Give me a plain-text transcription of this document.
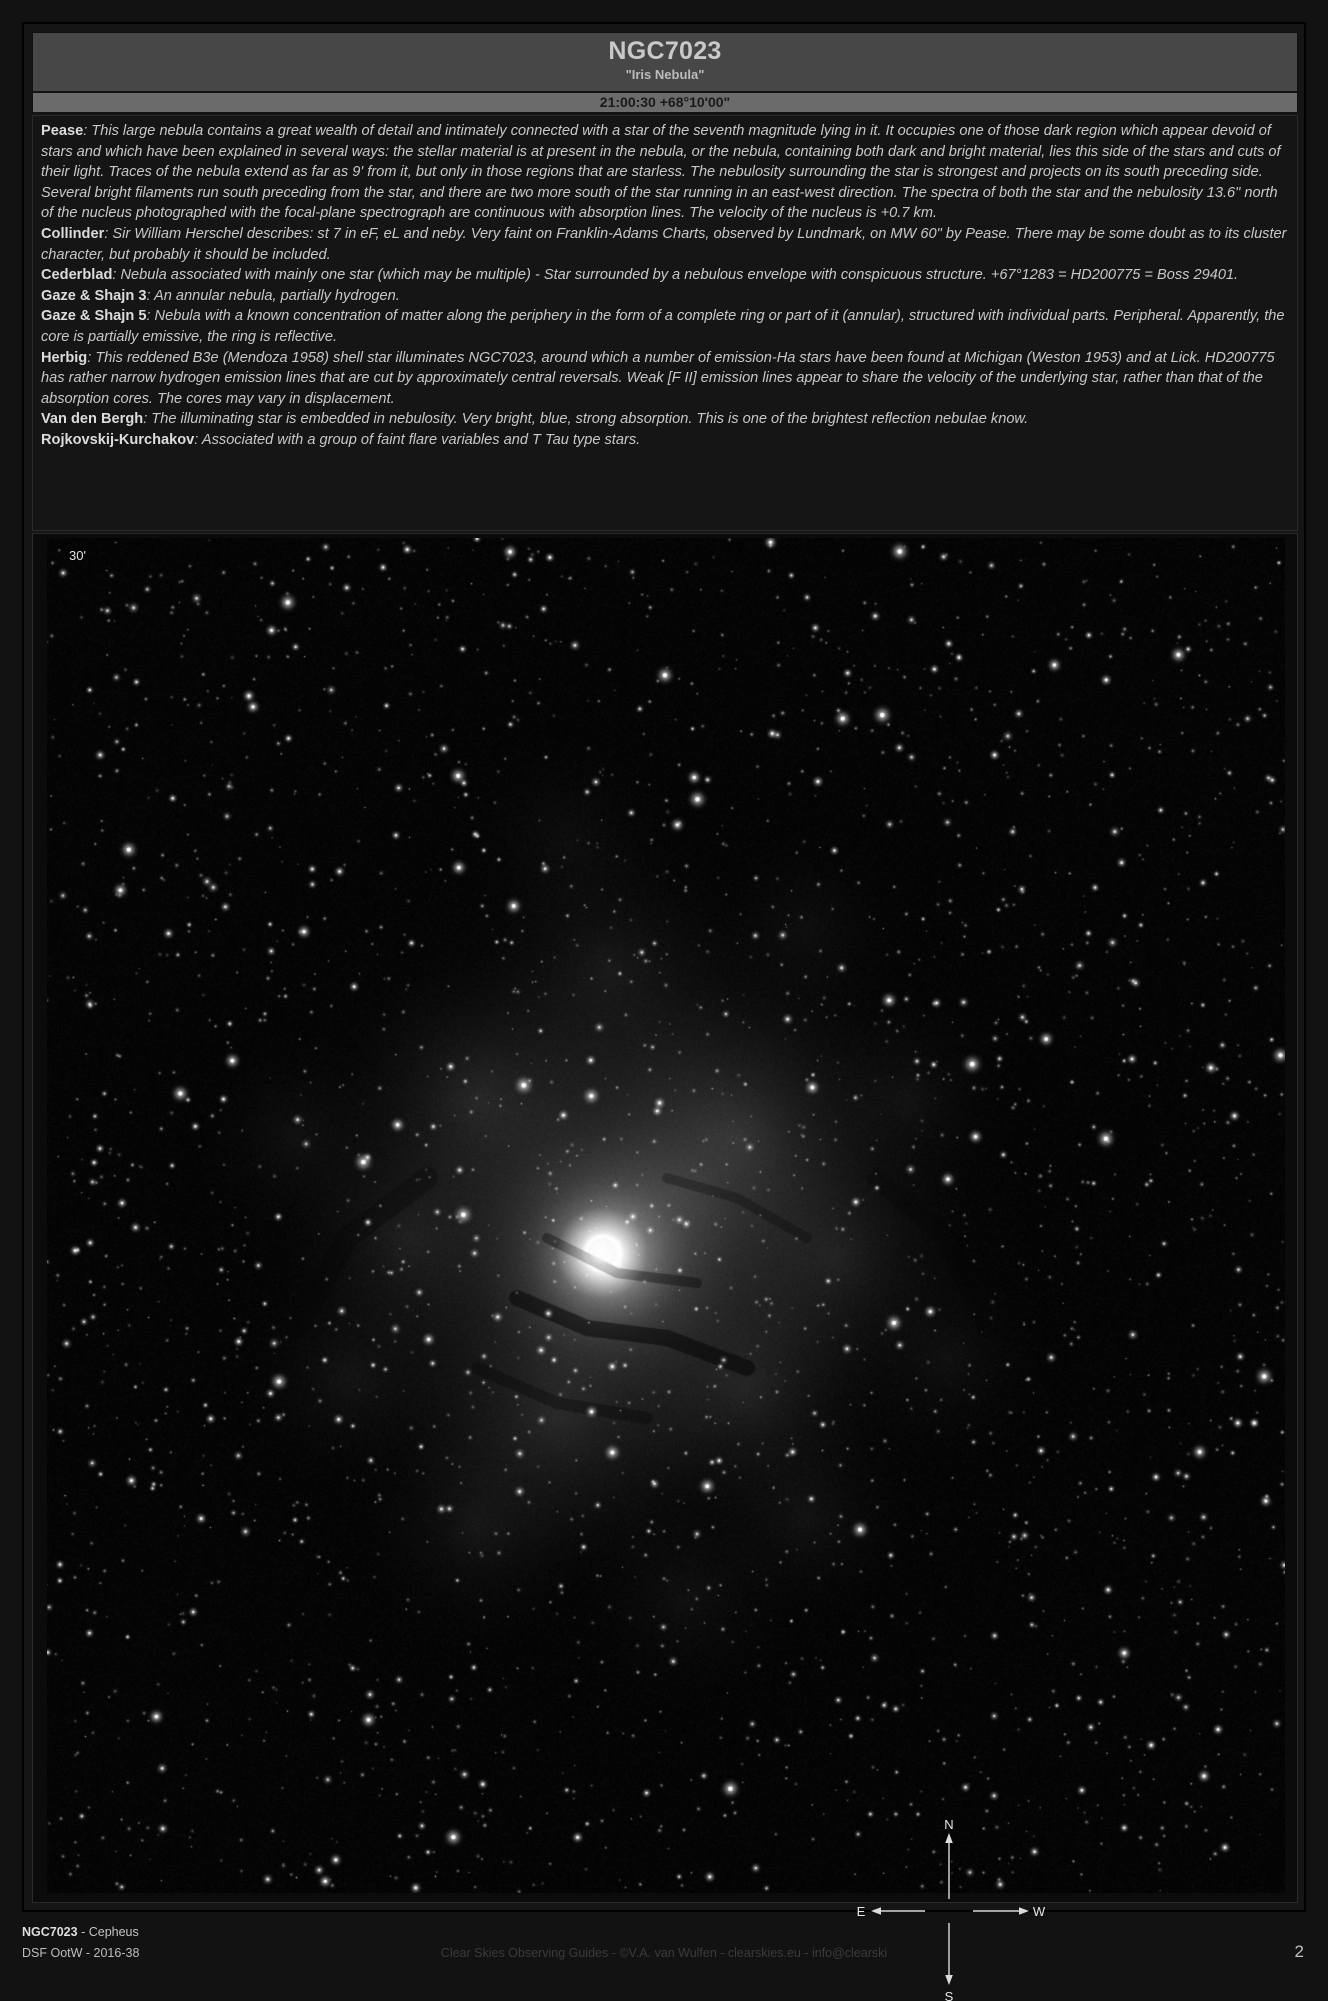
NGC7023
"Iris Nebula"
21:00:30 +68°10'00"

Pease: This large nebula contains a great wealth of detail and intimately connected with a star of the seventh magnitude lying in it. It occupies one of those dark region which appear devoid of stars and which have been explained in several ways: the stellar material is at present in the nebula, or the nebula, containing both dark and bright material, lies this side of the stars and cuts of their light. Traces of the nebula extend as far as 9' from it, but only in those regions that are starless. The nebulosity surrounding the star is strongest and projects on its south preceding side. Several bright filaments run south preceding from the star, and there are two more south of the star running in an east-west direction. The spectra of both the star and the nebulosity 13.6" north of the nucleus photographed with the focal-plane spectrograph are continuous with absorption lines. The velocity of the nucleus is +0.7 km.

Collinder: Sir William Herschel describes: st 7 in eF, eL and neby. Very faint on Franklin-Adams Charts, observed by Lundmark, on MW 60" by Pease. There may be some doubt as to its cluster character, but probably it should be included.

Cederblad: Nebula associated with mainly one star (which may be multiple) - Star surrounded by a nebulous envelope with conspicuous structure. +67°1283 = HD200775 = Boss 29401.

Gaze & Shajn 3: An annular nebula, partially hydrogen.

Gaze & Shajn 5: Nebula with a known concentration of matter along the periphery in the form of a complete ring or part of it (annular), structured with individual parts. Peripheral. Apparently, the core is partially emissive, the ring is reflective.

Herbig: This reddened B3e (Mendoza 1958) shell star illuminates NGC7023, around which a number of emission-Ha stars have been found at Michigan (Weston 1953) and at Lick. HD200775 has rather narrow hydrogen emission lines that are cut by approximately central reversals. Weak [F II] emission lines appear to share the velocity of the underlying star, rather than that of the absorption cores. The cores may vary in displacement.

Van den Bergh: The illuminating star is embedded in nebulosity. Very bright, blue, strong absorption. This is one of the brightest reflection nebulae know.

Rojkovskij-Kurchakov: Associated with a group of faint flare variables and T Tau type stars.

30'
N
S
E	W
NGC7023 - Cepheus
DSF OotW - 2016-38	Clear Skies Observing Guides - ©V.A. van Wulfen - clearskies.eu - info@clearski	2
